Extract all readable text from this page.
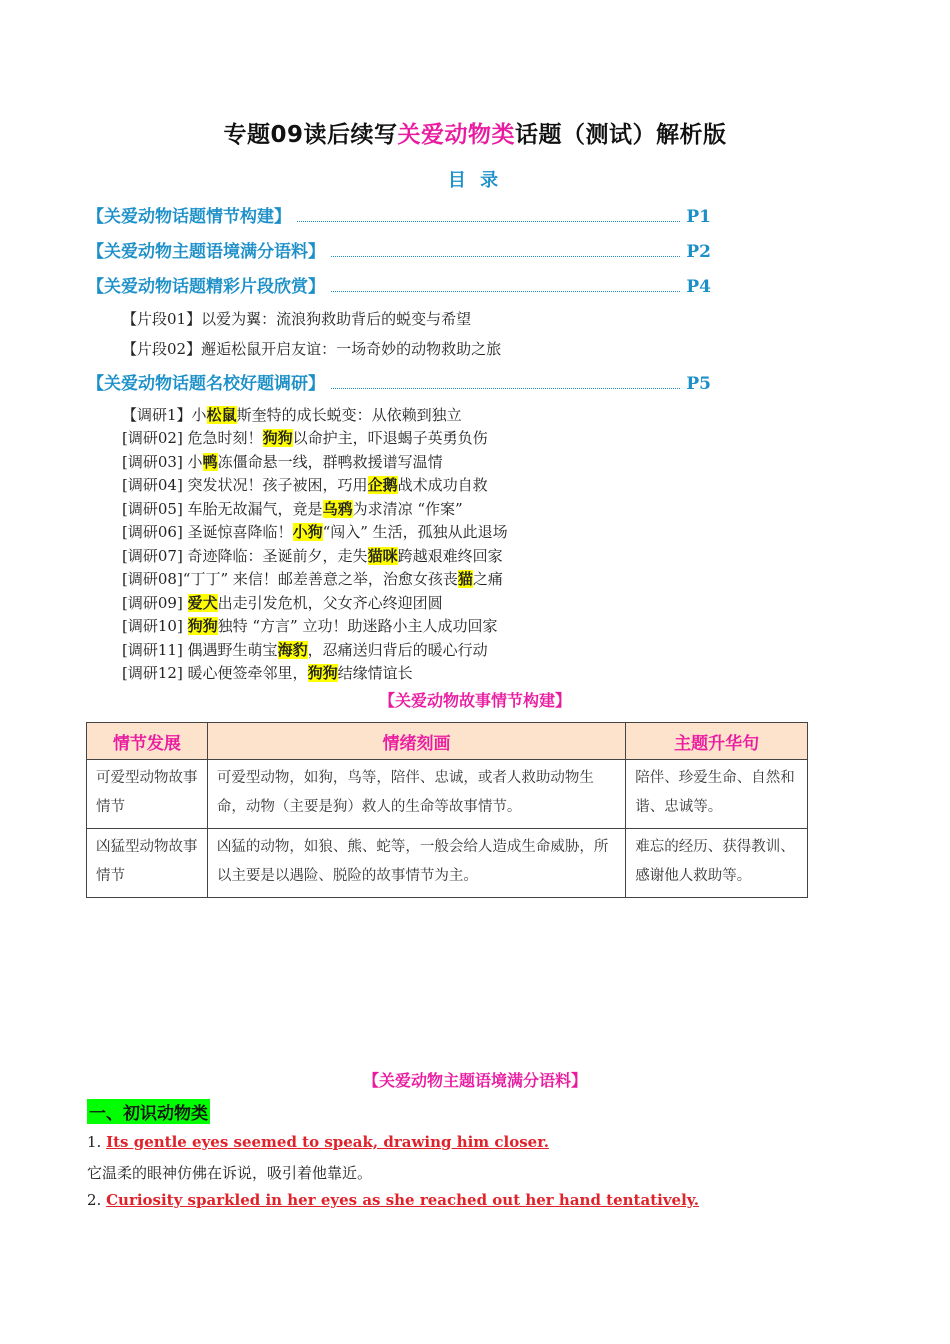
专题09读后续写关爱动物类话题（测试）解析版
目 录
【关爱动物话题情节构建】	P1
【关爱动物主题语境满分语料】	P2
【关爱动物话题精彩片段欣赏】	P4
【片段01】以爱为翼：流浪狗救助背后的蜕变与希望
【片段02】邂逅松鼠开启友谊：一场奇妙的动物救助之旅
【关爱动物话题名校好题调研】	P5
【调研1】小松鼠斯奎特的成长蜕变：从依赖到独立
[调研02] 危急时刻！狗狗以命护主，吓退蝎子英勇负伤
[调研03] 小鸭冻僵命悬一线，群鸭救援谱写温情
[调研04] 突发状况！孩子被困，巧用企鹅战术成功自救
[调研05] 车胎无故漏气，竟是乌鸦为求清凉 “作案”
[调研06] 圣诞惊喜降临！小狗“闯入” 生活，孤独从此退场
[调研07] 奇迹降临：圣诞前夕，走失猫咪跨越艰难终回家
[调研08]“丁丁” 来信！邮差善意之举，治愈女孩丧猫之痛
[调研09] 爱犬出走引发危机，父女齐心终迎团圆
[调研10] 狗狗独特 “方言” 立功！助迷路小主人成功回家
[调研11] 偶遇野生萌宝海豹，忍痛送归背后的暖心行动
[调研12] 暖心便签牵邻里，狗狗结缘情谊长
【关爱动物故事情节构建】
情节发展	情绪刻画	主题升华句
可爱型动物故事情节	可爱型动物，如狗，鸟等，陪伴、忠诚，或者人救助动物生命，动物（主要是狗）救人的生命等故事情节。	陪伴、珍爱生命、自然和谐、忠诚等。
凶猛型动物故事情节	凶猛的动物，如狼、熊、蛇等，一般会给人造成生命威胁，所以主要是以遇险、脱险的故事情节为主。	难忘的经历、获得教训、感谢他人救助等。
【关爱动物主题语境满分语料】
一、初识动物类
1. Its gentle eyes seemed to speak, drawing him closer.
它温柔的眼神仿佛在诉说，吸引着他靠近。
2. Curiosity sparkled in her eyes as she reached out her hand tentatively.
